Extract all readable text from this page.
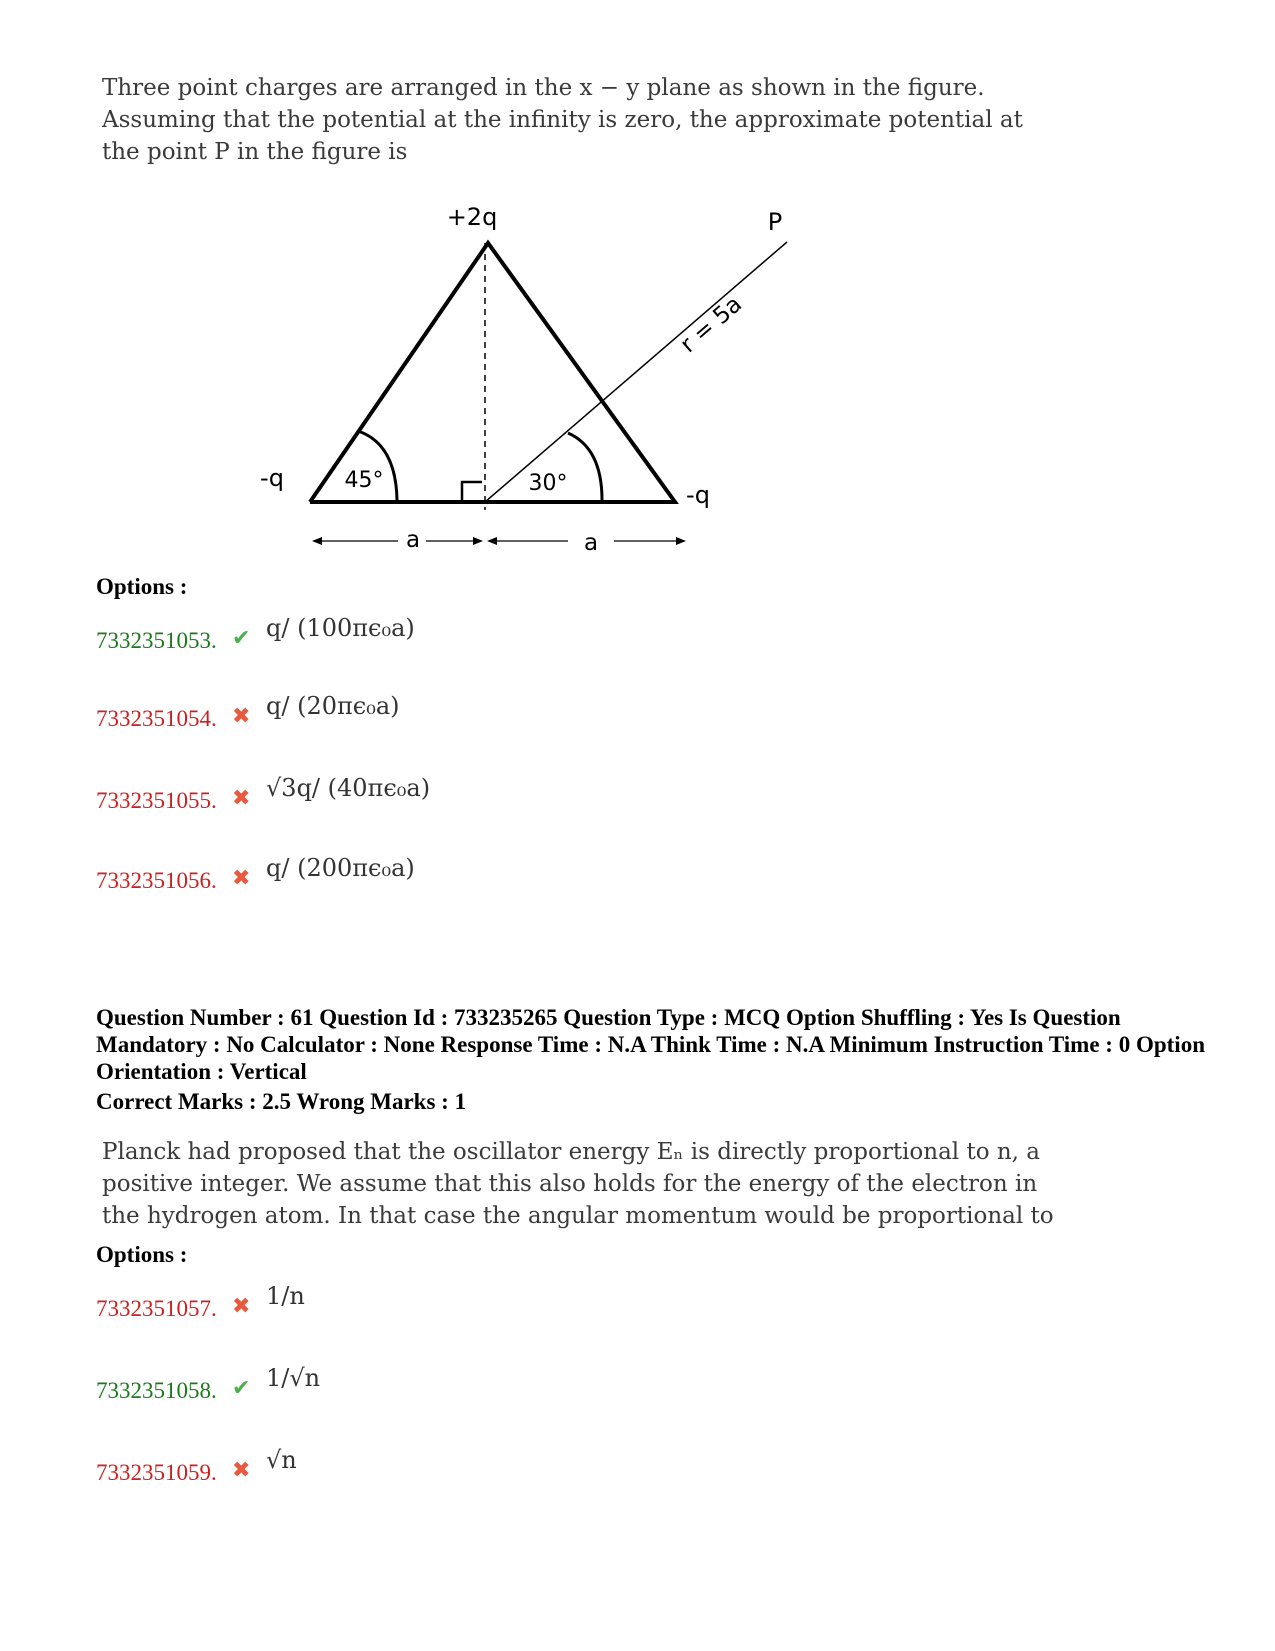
Three point charges are arranged in the x − y plane as shown in the figure. Assuming that the potential at the infinity is zero, the approximate potential at the point P in the figure is

+2q
-q
-q
P
r = 5a
45°	30°
a	a
Options :
7332351053. ✔ q/ (100πϵ₀a)
7332351054. ✖ q/ (20πϵ₀a)
7332351055. ✖ √3q/ (40πϵ₀a)
7332351056. ✖ q/ (200πϵ₀a)
Question Number : 61 Question Id : 733235265 Question Type : MCQ Option Shuffling : Yes Is Question Mandatory : No Calculator : None Response Time : N.A Think Time : N.A Minimum Instruction Time : 0 Option Orientation : Vertical
Correct Marks : 2.5 Wrong Marks : 1

Planck had proposed that the oscillator energy Eₙ is directly proportional to n, a positive integer. We assume that this also holds for the energy of the electron in the hydrogen atom. In that case the angular momentum would be proportional to

Options :
7332351057. ✖ 1/n
7332351058. ✔ 1/√n
7332351059. ✖ √n
